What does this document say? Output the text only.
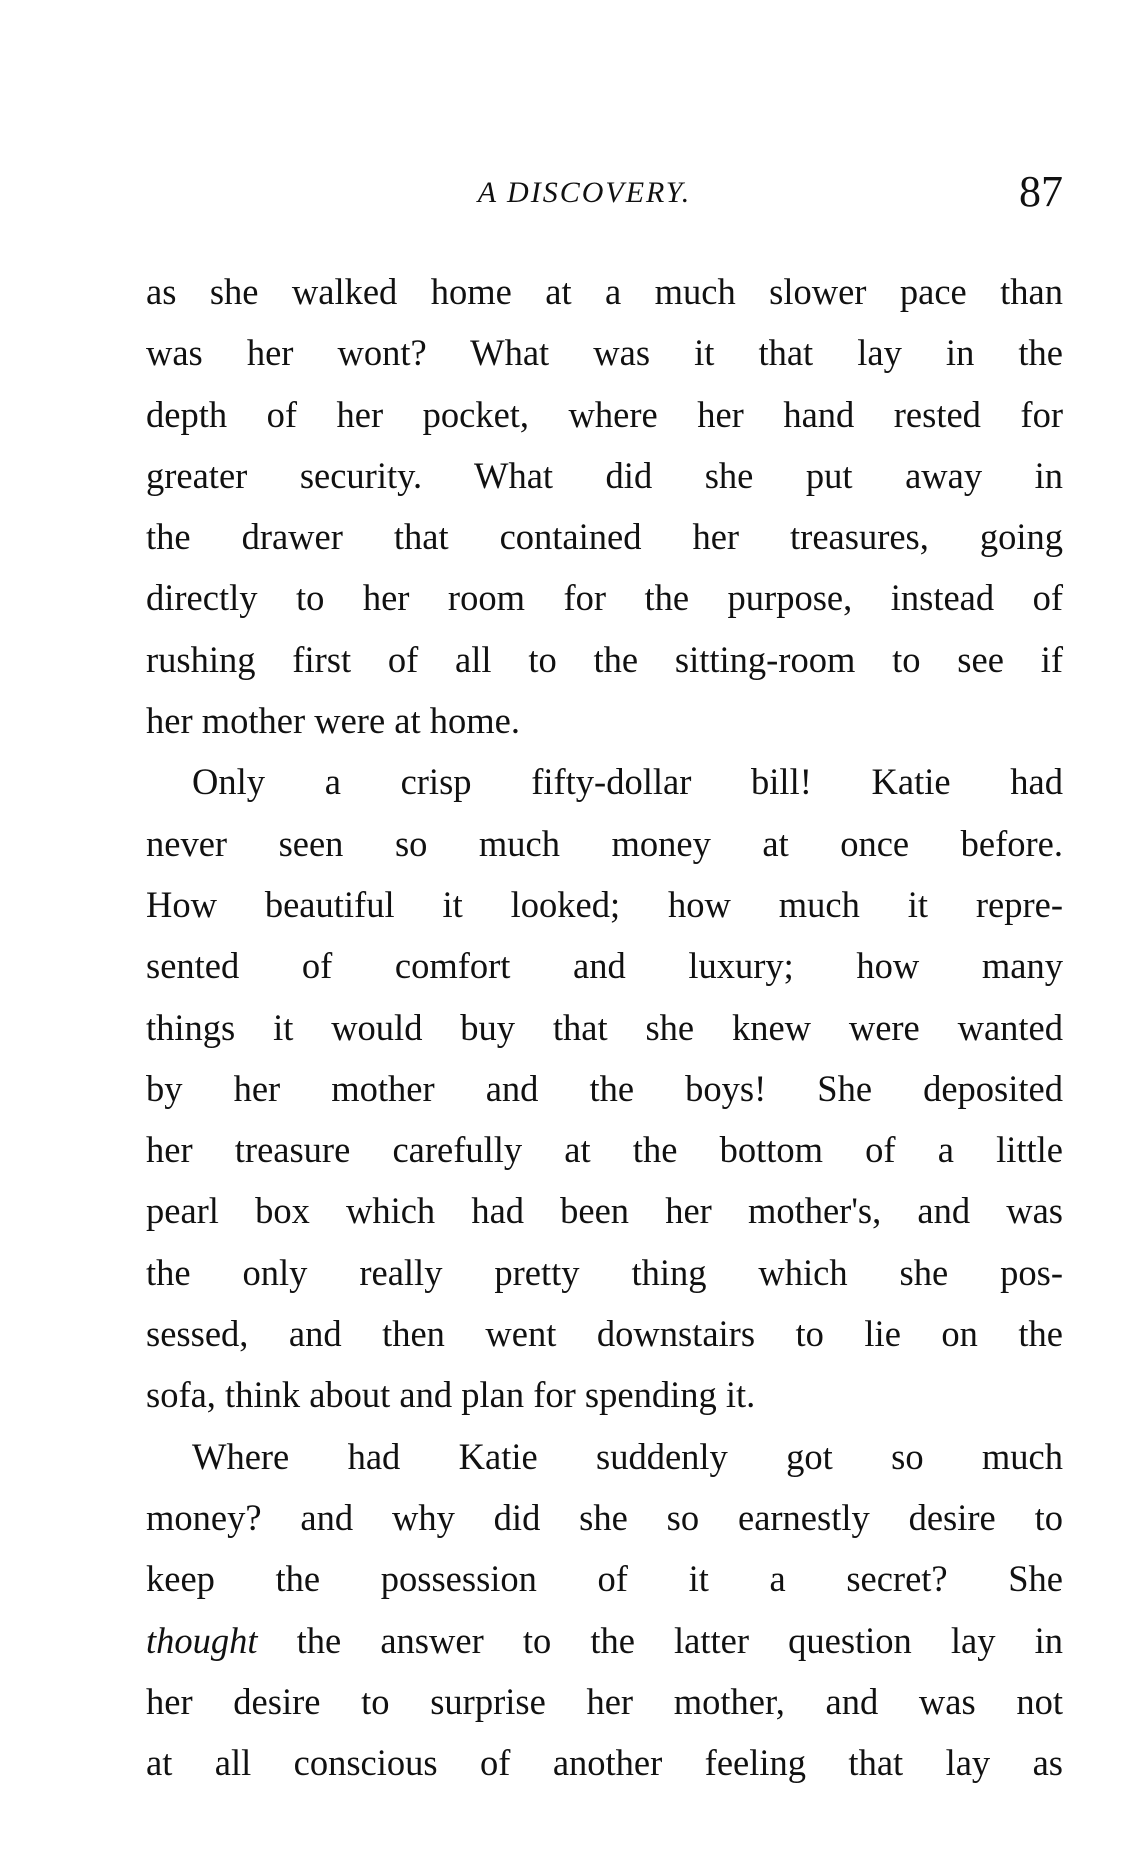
A DISCOVERY.	87
as she walked home at a much slower pace than
was her wont? What was it that lay in the
depth of her pocket, where her hand rested for
greater security. What did she put away in
the drawer that contained her treasures, going
directly to her room for the purpose, instead of
rushing first of all to the sitting-room to see if
her mother were at home.
Only a crisp fifty-dollar bill! Katie had
never seen so much money at once before.
How beautiful it looked; how much it repre-
sented of comfort and luxury; how many
things it would buy that she knew were wanted
by her mother and the boys! She deposited
her treasure carefully at the bottom of a little
pearl box which had been her mother's, and was
the only really pretty thing which she pos-
sessed, and then went downstairs to lie on the
sofa, think about and plan for spending it.
Where had Katie suddenly got so much
money? and why did she so earnestly desire to
keep the possession of it a secret? She
thought the answer to the latter question lay in
her desire to surprise her mother, and was not
at all conscious of another feeling that lay as
